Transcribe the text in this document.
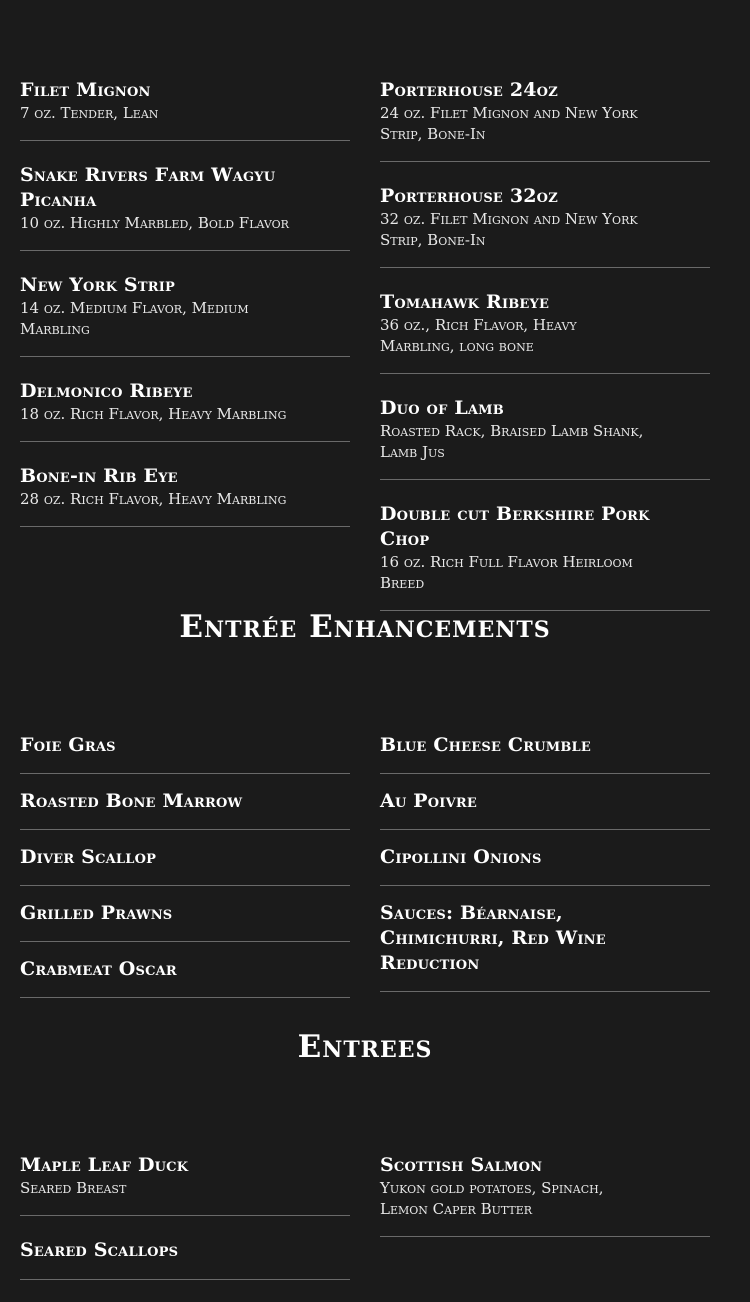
Filet Mignon
7 oz. Tender, Lean
Snake Rivers Farm Wagyu Picanha
10 oz. Highly Marbled, Bold Flavor
New York Strip
14 oz. Medium Flavor, Medium Marbling
Delmonico Ribeye
18 oz. Rich Flavor, Heavy Marbling
Bone-in Rib Eye
28 oz. Rich Flavor, Heavy Marbling
Porterhouse 24oz
24 oz. Filet Mignon and New York Strip, Bone-In
Porterhouse 32oz
32 oz. Filet Mignon and New York Strip, Bone-In
Tomahawk Ribeye
36 oz., Rich Flavor, Heavy Marbling, long bone
Duo of Lamb
Roasted Rack, Braised Lamb Shank, Lamb Jus
Double cut Berkshire Pork Chop
16 oz. Rich Full Flavor Heirloom Breed
Entrée Enhancements
Foie Gras
Roasted Bone Marrow
Diver Scallop
Grilled Prawns
Crabmeat Oscar
Blue Cheese Crumble
Au Poivre
Cipollini Onions
Sauces: Béarnaise, Chimichurri, Red Wine Reduction
Entrees
Maple Leaf Duck
Seared Breast
Seared Scallops
Scottish Salmon
Yukon gold potatoes, Spinach, Lemon Caper Butter
